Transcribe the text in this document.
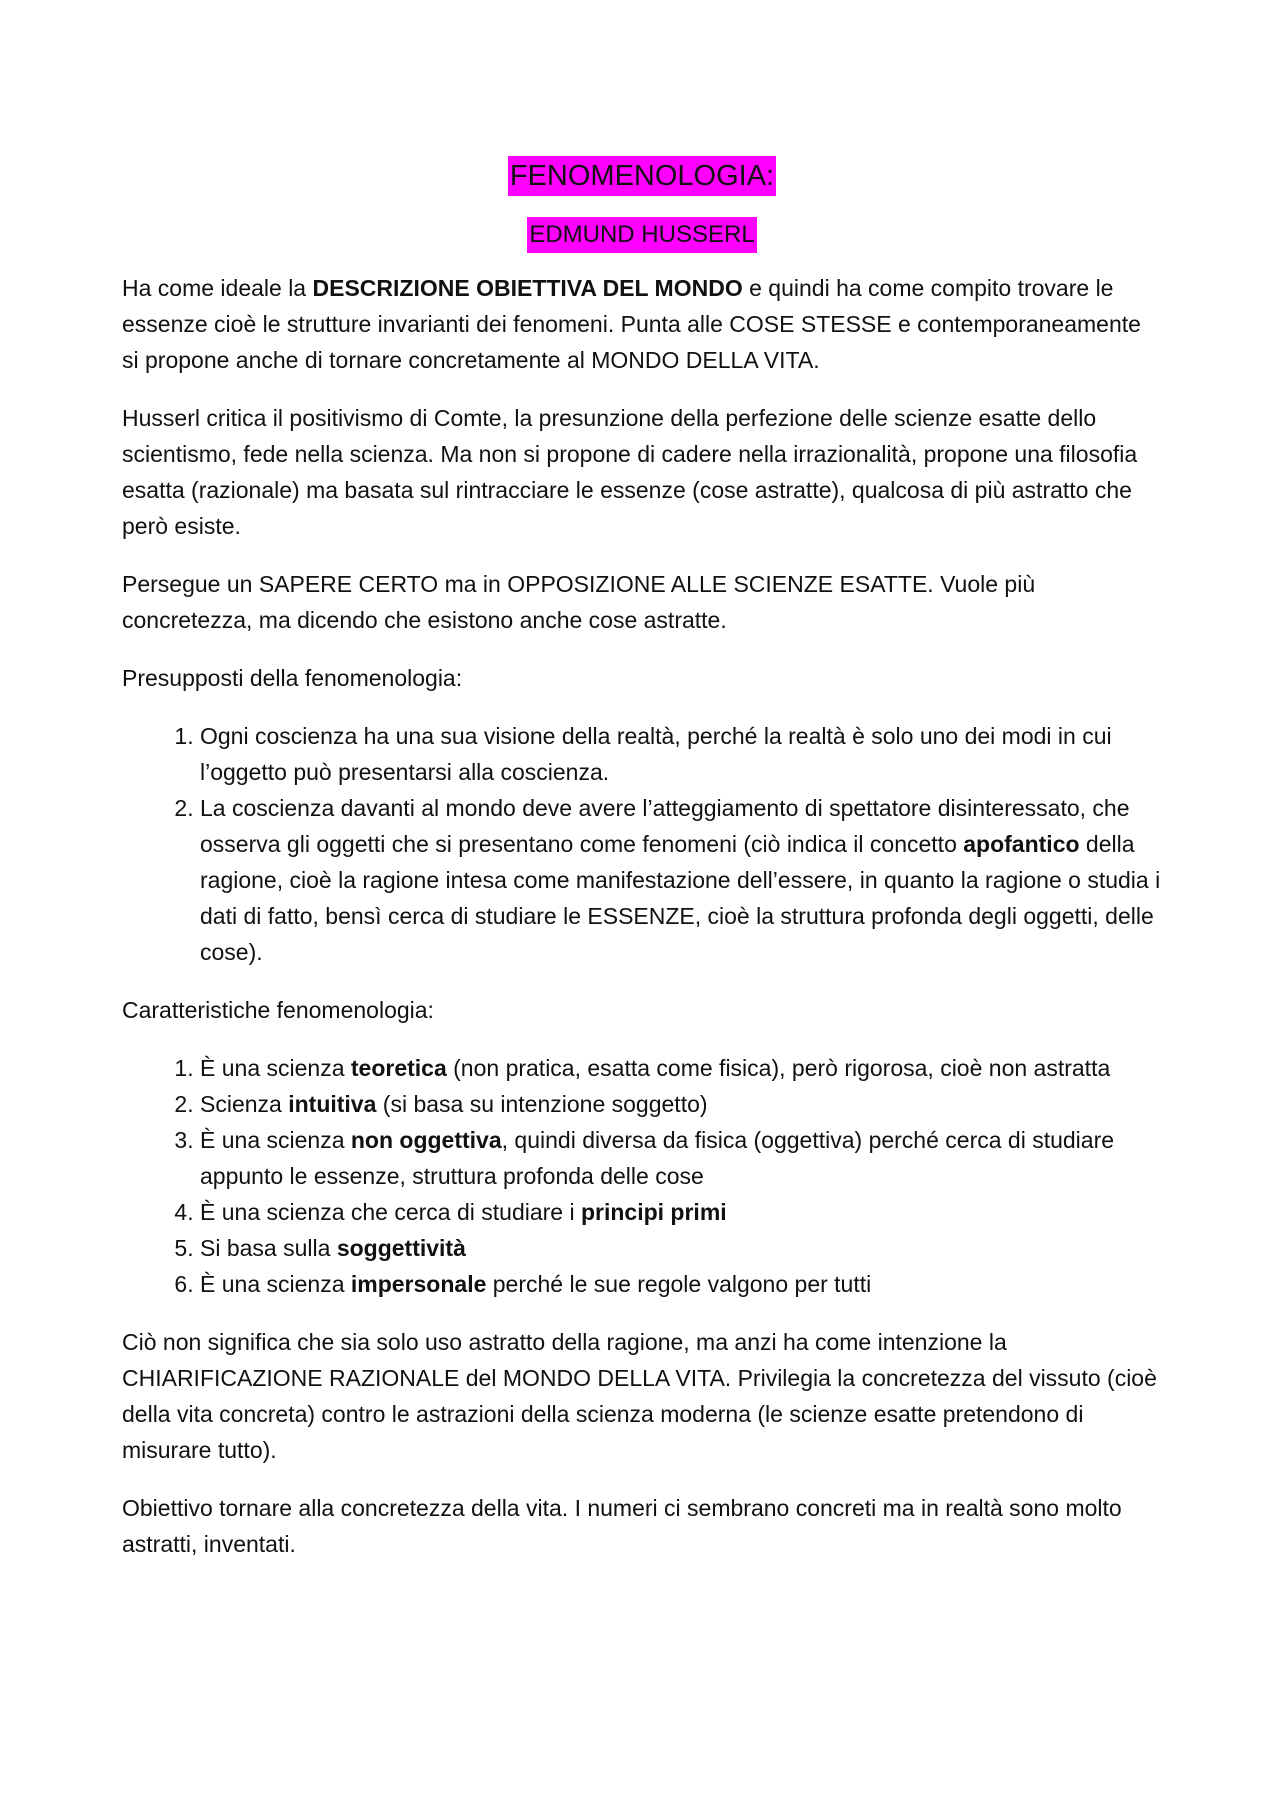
FENOMENOLOGIA:
EDMUND HUSSERL

Ha come ideale la DESCRIZIONE OBIETTIVA DEL MONDO e quindi ha come compito trovare le essenze cioè le strutture invarianti dei fenomeni. Punta alle COSE STESSE e contemporaneamente si propone anche di tornare concretamente al MONDO DELLA VITA.

Husserl critica il positivismo di Comte, la presunzione della perfezione delle scienze esatte dello scientismo, fede nella scienza. Ma non si propone di cadere nella irrazionalità, propone una filosofia esatta (razionale) ma basata sul rintracciare le essenze (cose astratte), qualcosa di più astratto che però esiste.

Persegue un SAPERE CERTO ma in OPPOSIZIONE ALLE SCIENZE ESATTE. Vuole più concretezza, ma dicendo che esistono anche cose astratte.

Presupposti della fenomenologia:

1. Ogni coscienza ha una sua visione della realtà, perché la realtà è solo uno dei modi in cui l’oggetto può presentarsi alla coscienza.
2. La coscienza davanti al mondo deve avere l’atteggiamento di spettatore disinteressato, che osserva gli oggetti che si presentano come fenomeni (ciò indica il concetto apofantico della ragione, cioè la ragione intesa come manifestazione dell’essere, in quanto la ragione o studia i dati di fatto, bensì cerca di studiare le ESSENZE, cioè la struttura profonda degli oggetti, delle cose).

Caratteristiche fenomenologia:

1. È una scienza teoretica (non pratica, esatta come fisica), però rigorosa, cioè non astratta
2. Scienza intuitiva (si basa su intenzione soggetto)
3. È una scienza non oggettiva, quindi diversa da fisica (oggettiva) perché cerca di studiare appunto le essenze, struttura profonda delle cose
4. È una scienza che cerca di studiare i principi primi
5. Si basa sulla soggettività
6. È una scienza impersonale perché le sue regole valgono per tutti

Ciò non significa che sia solo uso astratto della ragione, ma anzi ha come intenzione la CHIARIFICAZIONE RAZIONALE del MONDO DELLA VITA. Privilegia la concretezza del vissuto (cioè della vita concreta) contro le astrazioni della scienza moderna (le scienze esatte pretendono di misurare tutto).

Obiettivo tornare alla concretezza della vita. I numeri ci sembrano concreti ma in realtà sono molto astratti, inventati.
